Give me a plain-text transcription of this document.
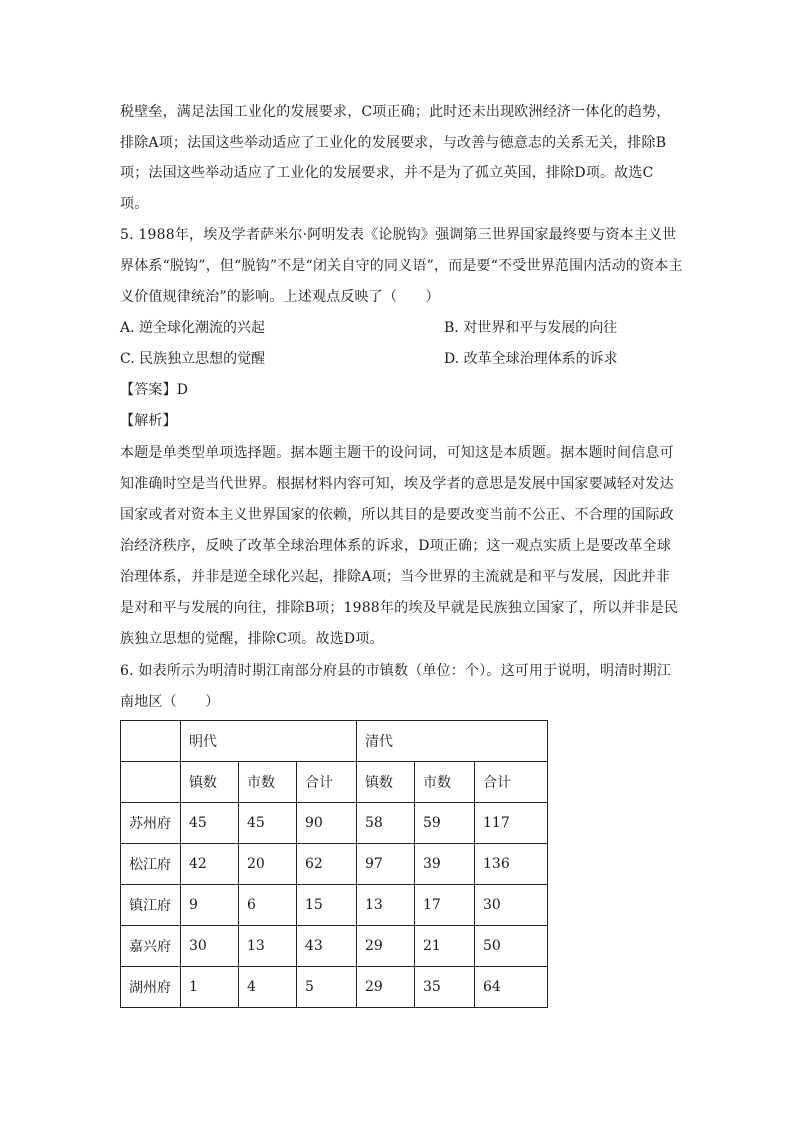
税壁垒，满足法国工业化的发展要求，C项正确；此时还未出现欧洲经济一体化的趋势，
排除A项；法国这些举动适应了工业化的发展要求，与改善与德意志的关系无关，排除B
项；法国这些举动适应了工业化的发展要求，并不是为了孤立英国，排除D项。故选C
项。
5. 1988年，埃及学者萨米尔·阿明发表《论脱钩》强调第三世界国家最终要与资本主义世
界体系“脱钩”，但“脱钩”不是“闭关自守的同义语”，而是要“不受世界范围内活动的资本主
义价值规律统治”的影响。上述观点反映了（　　）
A. 逆全球化潮流的兴起	B. 对世界和平与发展的向往
C. 民族独立思想的觉醒	D. 改革全球治理体系的诉求
【答案】D
【解析】
本题是单类型单项选择题。据本题主题干的设问词，可知这是本质题。据本题时间信息可
知准确时空是当代世界。根据材料内容可知，埃及学者的意思是发展中国家要减轻对发达
国家或者对资本主义世界国家的依赖，所以其目的是要改变当前不公正、不合理的国际政
治经济秩序，反映了改革全球治理体系的诉求，D项正确；这一观点实质上是要改革全球
治理体系，并非是逆全球化兴起，排除A项；当今世界的主流就是和平与发展，因此并非
是对和平与发展的向往，排除B项；1988年的埃及早就是民族独立国家了，所以并非是民
族独立思想的觉醒，排除C项。故选D项。
6. 如表所示为明清时期江南部分府县的市镇数（单位：个）。这可用于说明，明清时期江
南地区（　　）
	明代			清代		
	镇数	市数	合计	镇数	市数	合计
苏州府	45	45	90	58	59	117
松江府	42	20	62	97	39	136
镇江府	9	6	15	13	17	30
嘉兴府	30	13	43	29	21	50
湖州府	1	4	5	29	35	64
